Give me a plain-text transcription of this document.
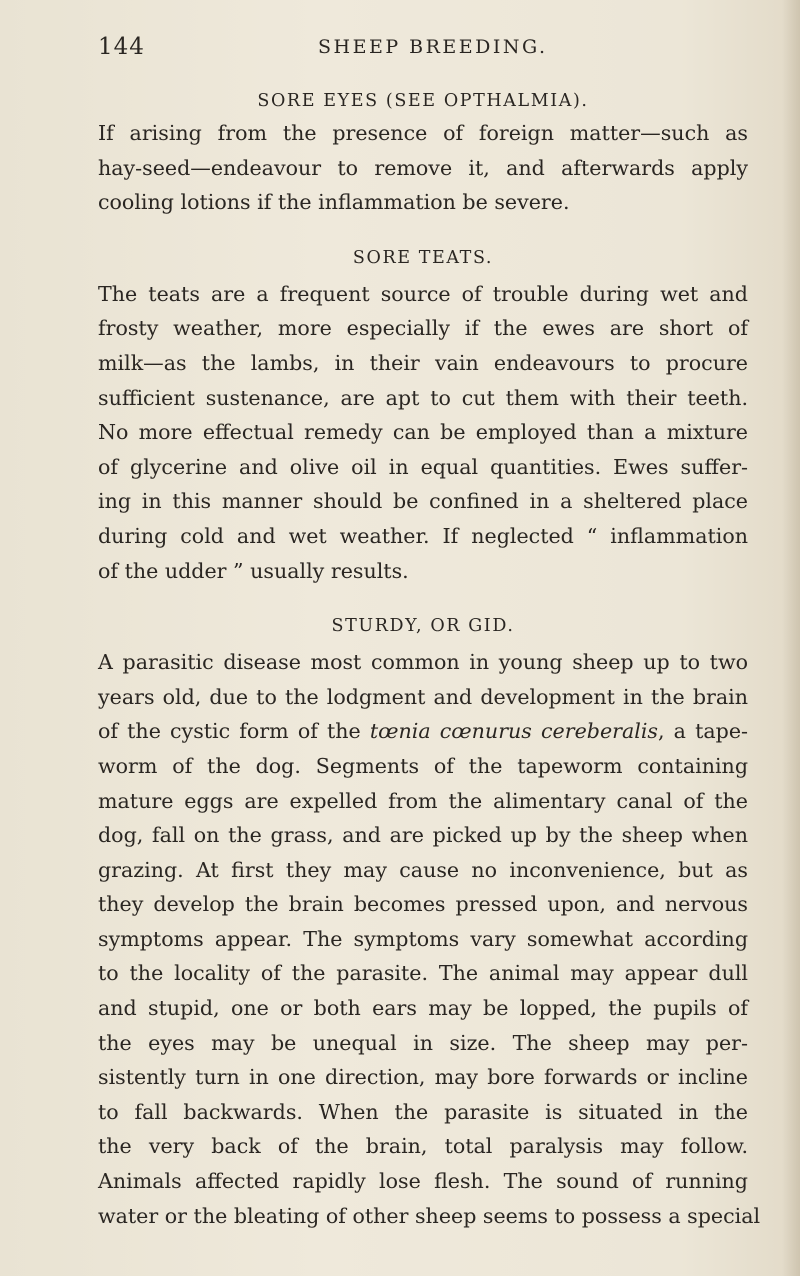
144	SHEEP BREEDING.
SORE EYES (SEE OPTHALMIA).

If arising from the presence of foreign matter—such as
hay-seed—endeavour to remove it, and afterwards apply
cooling lotions if the inflammation be severe.

SORE TEATS.

The teats are a frequent source of trouble during wet and
frosty weather, more especially if the ewes are short of
milk—as the lambs, in their vain endeavours to procure
sufficient sustenance, are apt to cut them with their teeth.
No more effectual remedy can be employed than a mixture
of glycerine and olive oil in equal quantities. Ewes suffer-
ing in this manner should be confined in a sheltered place
during cold and wet weather. If neglected “ inflammation
of the udder ” usually results.

STURDY, OR GID.

A parasitic disease most common in young sheep up to two
years old, due to the lodgment and development in the brain
of the cystic form of the tœnia cœnurus cereberalis, a tape-
worm of the dog. Segments of the tapeworm containing
mature eggs are expelled from the alimentary canal of the
dog, fall on the grass, and are picked up by the sheep when
grazing. At first they may cause no inconvenience, but as
they develop the brain becomes pressed upon, and nervous
symptoms appear. The symptoms vary somewhat according
to the locality of the parasite. The animal may appear dull
and stupid, one or both ears may be lopped, the pupils of
the eyes may be unequal in size. The sheep may per-
sistently turn in one direction, may bore forwards or incline
to fall backwards. When the parasite is situated in the
the very back of the brain, total paralysis may follow.
Animals affected rapidly lose flesh. The sound of running
water or the bleating of other sheep seems to possess a special
